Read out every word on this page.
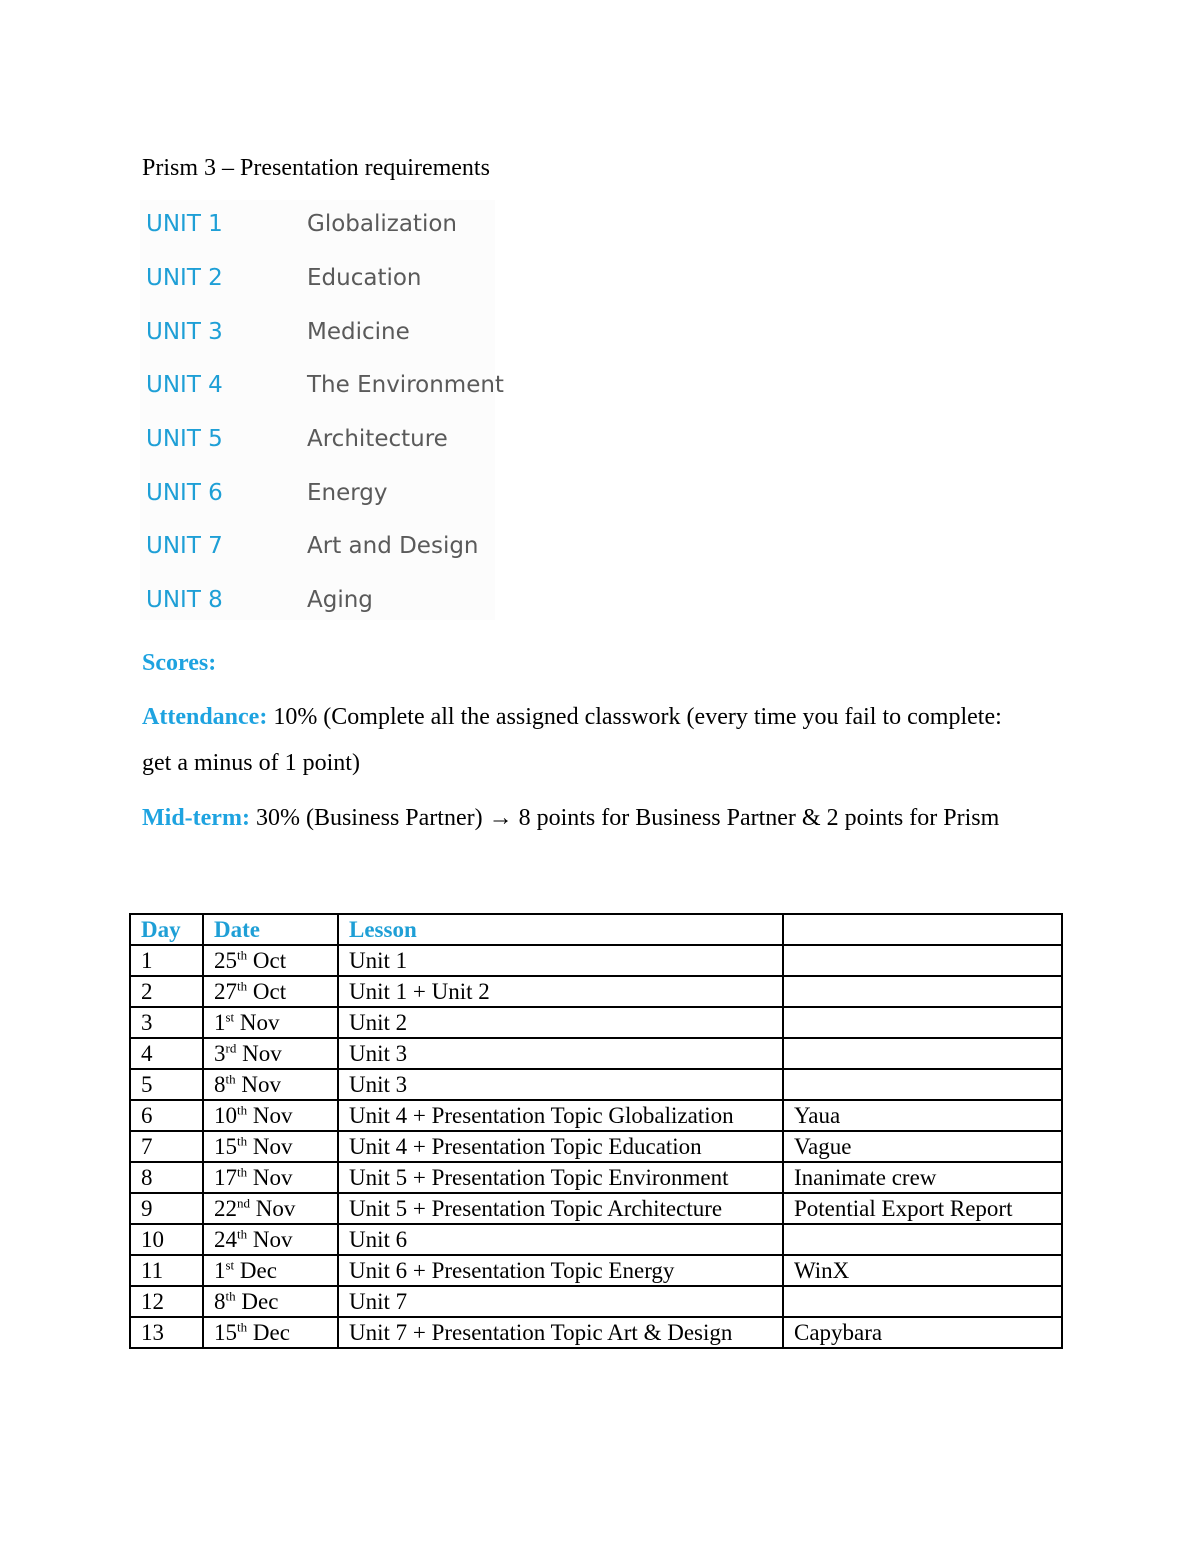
Prism 3 – Presentation requirements
UNIT 1	Globalization
UNIT 2	Education
UNIT 3	Medicine
UNIT 4	The Environment
UNIT 5	Architecture
UNIT 6	Energy
UNIT 7	Art and Design
UNIT 8	Aging
Scores:
Attendance: 10% (Complete all the assigned classwork (every time you fail to complete:
get a minus of 1 point)
Mid-term: 30% (Business Partner) → 8 points for Business Partner & 2 points for Prism
Day	Date	Lesson	
1	25th Oct	Unit 1	
2	27th Oct	Unit 1 + Unit 2	
3	1st Nov	Unit 2	
4	3rd Nov	Unit 3	
5	8th Nov	Unit 3	
6	10th Nov	Unit 4 + Presentation Topic Globalization	Yaua
7	15th Nov	Unit 4 + Presentation Topic Education	Vague
8	17th Nov	Unit 5 + Presentation Topic Environment	Inanimate crew
9	22nd Nov	Unit 5 + Presentation Topic Architecture	Potential Export Report
10	24th Nov	Unit 6	
11	1st Dec	Unit 6 + Presentation Topic Energy	WinX
12	8th Dec	Unit 7	
13	15th Dec	Unit 7 + Presentation Topic Art & Design	Capybara
